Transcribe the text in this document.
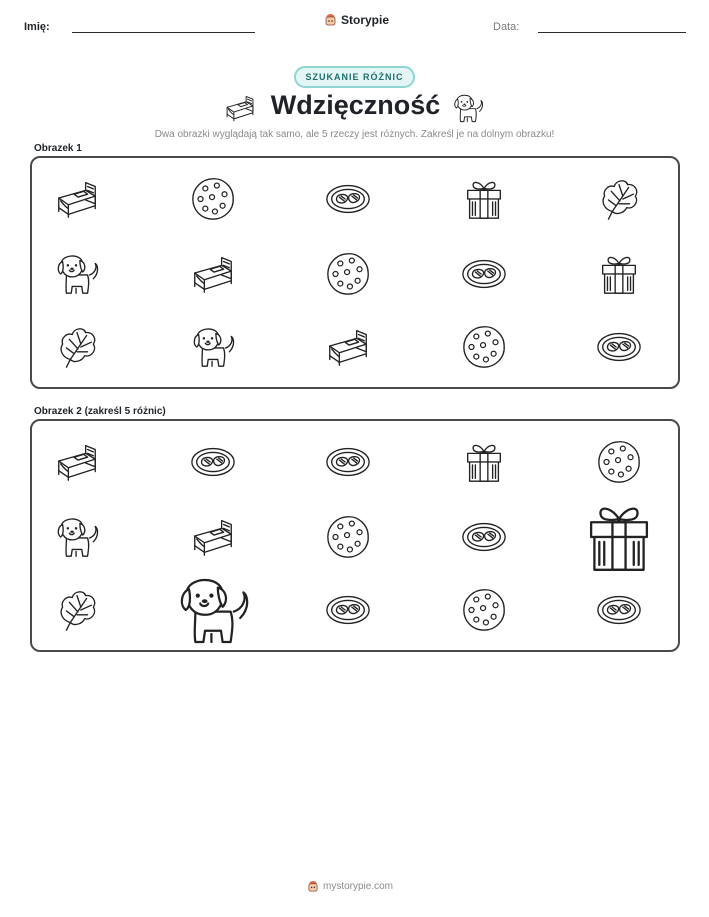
Imię:	Storypie	Data:
SZUKANIE RÓŻNIC
Wdzięczność
Dwa obrazki wyglądają tak samo, ale 5 rzeczy jest różnych. Zakreśl je na dolnym obrazku!
Obrazek 1
Obrazek 2 (zakreśl 5 różnic)
mystorypie.com
